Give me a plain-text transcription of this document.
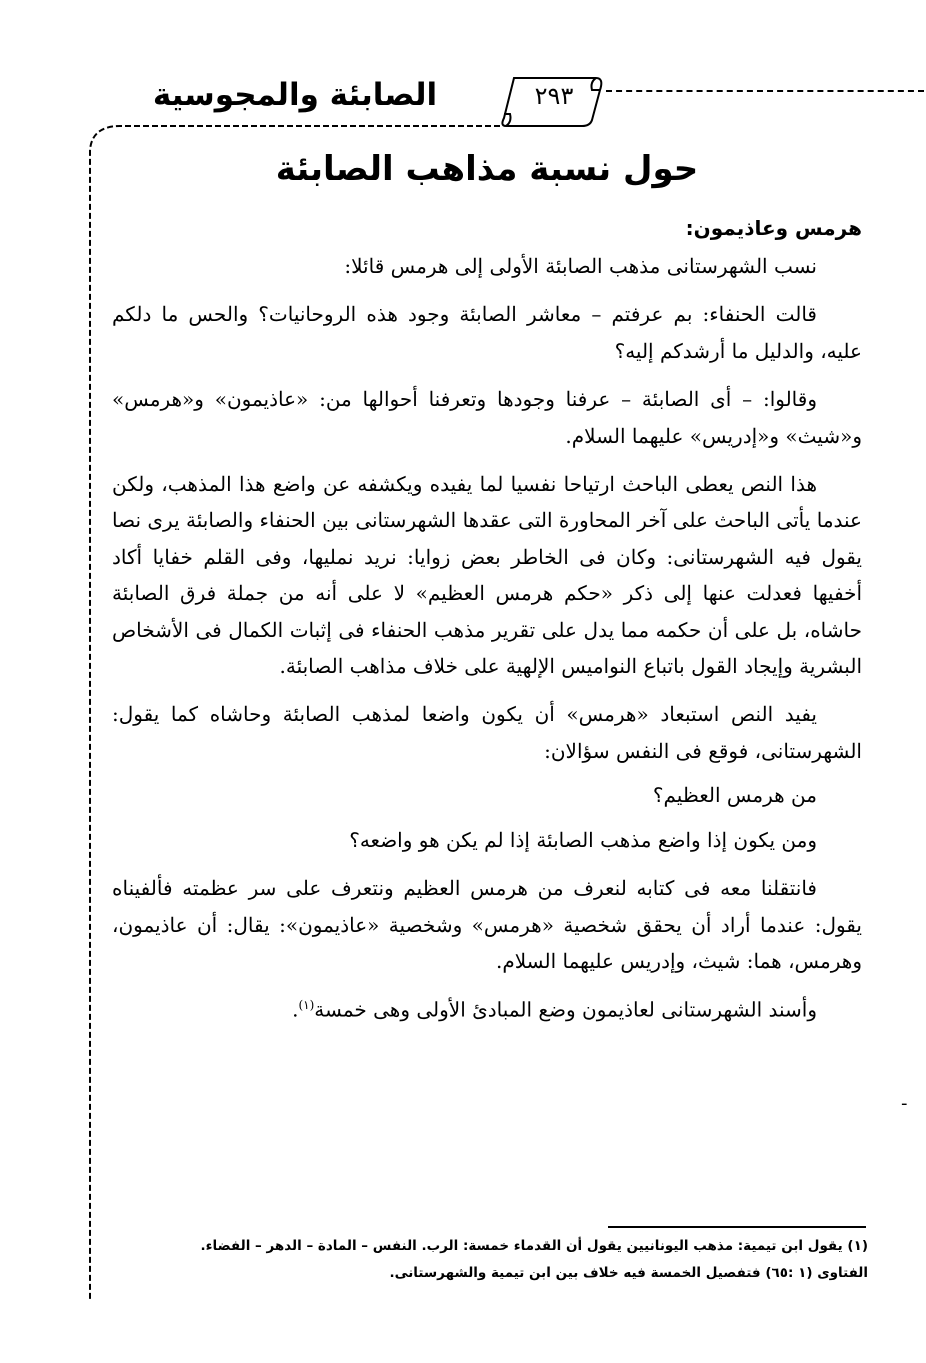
الصابئة والمجوسية	٢٩٣
حول نسبة مذاهب الصابئة
هرمس وعاذيمون:

نسب الشهرستانى مذهب الصابئة الأولى إلى هرمس قائلا:

قالت الحنفاء: بم عرفتم – معاشر الصابئة وجود هذه الروحانيات؟ والحس ما دلكم عليه، والدليل ما أرشدكم إليه؟

وقالوا: – أى الصابئة – عرفنا وجودها وتعرفنا أحوالها من: «عاذيمون» و«هرمس» و«شيث» و«إدريس» عليهما السلام.

هذا النص يعطى الباحث ارتياحا نفسيا لما يفيده ويكشفه عن واضع هذا المذهب، ولكن عندما يأتى الباحث على آخر المحاورة التى عقدها الشهرستانى بين الحنفاء والصابئة يرى نصا يقول فيه الشهرستانى: وكان فى الخاطر بعض زوايا: نريد نمليها، وفى القلم خفايا أكاد أخفيها فعدلت عنها إلى ذكر «حكم هرمس العظيم» لا على أنه من جملة فرق الصابئة حاشاه، بل على أن حكمه مما يدل على تقرير مذهب الحنفاء فى إثبات الكمال فى الأشخاص البشرية وإيجاد القول باتباع النواميس الإلهية على خلاف مذاهب الصابئة.

يفيد النص استبعاد «هرمس» أن يكون واضعا لمذهب الصابئة وحاشاه كما يقول: الشهرستانى، فوقع فى النفس سؤالان:

من هرمس العظيم؟

ومن يكون إذا واضع مذهب الصابئة إذا لم يكن هو واضعه؟

فانتقلنا معه فى كتابه لنعرف من هرمس العظيم ونتعرف على سر عظمته فألفيناه يقول: عندما أراد أن يحقق شخصية «هرمس» وشخصية «عاذيمون»: يقال: أن عاذيمون، وهرمس، هما: شيث، وإدريس عليهما السلام.

وأسند الشهرستانى لعاذيمون وضع المبادئ الأولى وهى خمسة$^{(١)}$.

-

(١) يقول ابن تيمية: مذهب اليونانيين يقول أن القدماء خمسة: الرب. النفس – المادة – الدهر – الفضاء.

الفتاوى (١ :٦٥) فتفصيل الخمسة فيه خلاف بين ابن تيمية والشهرستانى.
